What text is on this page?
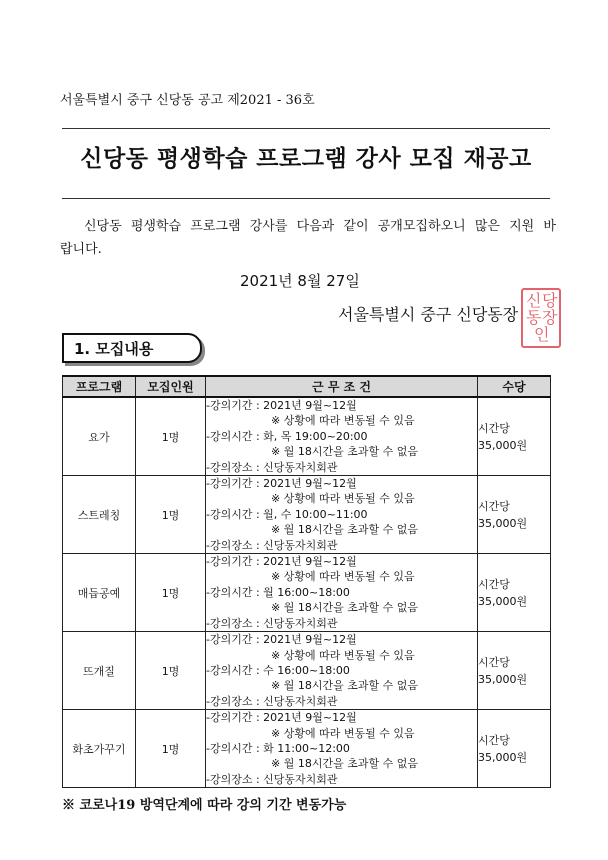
서울특별시 중구 신당동 공고 제2021 - 36호
신당동 평생학습 프로그램 강사 모집 재공고

신당동 평생학습 프로그램 강사를 다음과 같이 공개모집하오니 많은 지원 바랍니다.

2021년 8월 27일
서울특별시 중구 신당동장
신 당
동 장
인
1. 모집내용
프로그램	모집인원	근 무 조 건	수당
요가	1명	-강의기간 : 2021년 9월~12월
※ 상황에 따라 변동될 수 있음
-강의시간 : 화, 목 19:00~20:00
※ 월 18시간을 초과할 수 없음
-강의장소 : 신당동자치회관	시간당
35,000원

스트레칭	1명	-강의기간 : 2021년 9월~12월
※ 상황에 따라 변동될 수 있음
-강의시간 : 월, 수 10:00~11:00
※ 월 18시간을 초과할 수 없음
-강의장소 : 신당동자치회관	시간당
35,000원

매듭공예	1명	-강의기간 : 2021년 9월~12월
※ 상황에 따라 변동될 수 있음
-강의시간 : 월 16:00~18:00
※ 월 18시간을 초과할 수 없음
-강의장소 : 신당동자치회관	시간당
35,000원

뜨개질	1명	-강의기간 : 2021년 9월~12월
※ 상황에 따라 변동될 수 있음
-강의시간 : 수 16:00~18:00
※ 월 18시간을 초과할 수 없음
-강의장소 : 신당동자치회관	시간당
35,000원

화초가꾸기	1명	-강의기간 : 2021년 9월~12월
※ 상황에 따라 변동될 수 있음
-강의시간 : 화 11:00~12:00
※ 월 18시간을 초과할 수 없음
-강의장소 : 신당동자치회관	시간당
35,000원
※ 코로나19 방역단계에 따라 강의 기간 변동가능
